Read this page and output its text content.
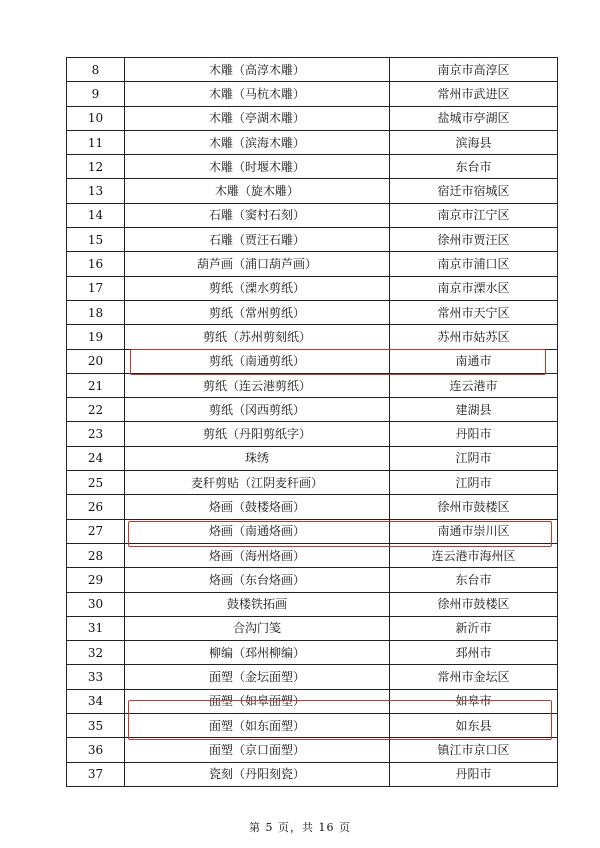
8	木雕（高淳木雕）	南京市高淳区
9	木雕（马杭木雕）	常州市武进区
10	木雕（亭湖木雕）	盐城市亭湖区
11	木雕（滨海木雕）	滨海县
12	木雕（时堰木雕）	东台市
13	木雕（旋木雕）	宿迁市宿城区
14	石雕（窦村石刻）	南京市江宁区
15	石雕（贾汪石雕）	徐州市贾汪区
16	葫芦画（浦口葫芦画）	南京市浦口区
17	剪纸（溧水剪纸）	南京市溧水区
18	剪纸（常州剪纸）	常州市天宁区
19	剪纸（苏州剪刻纸）	苏州市姑苏区
20	剪纸（南通剪纸）	南通市
21	剪纸（连云港剪纸）	连云港市
22	剪纸（冈西剪纸）	建湖县
23	剪纸（丹阳剪纸字）	丹阳市
24	珠绣	江阴市
25	麦秆剪贴（江阴麦秆画）	江阴市
26	烙画（鼓楼烙画）	徐州市鼓楼区
27	烙画（南通烙画）	南通市崇川区
28	烙画（海州烙画）	连云港市海州区
29	烙画（东台烙画）	东台市
30	鼓楼铁拓画	徐州市鼓楼区
31	合沟门笺	新沂市
32	柳编（邳州柳编）	邳州市
33	面塑（金坛面塑）	常州市金坛区
34	面塑（如皋面塑）	如皋市
35	面塑（如东面塑）	如东县
36	面塑（京口面塑）	镇江市京口区
37	瓷刻（丹阳刻瓷）	丹阳市
第 5 页，共 16 页
